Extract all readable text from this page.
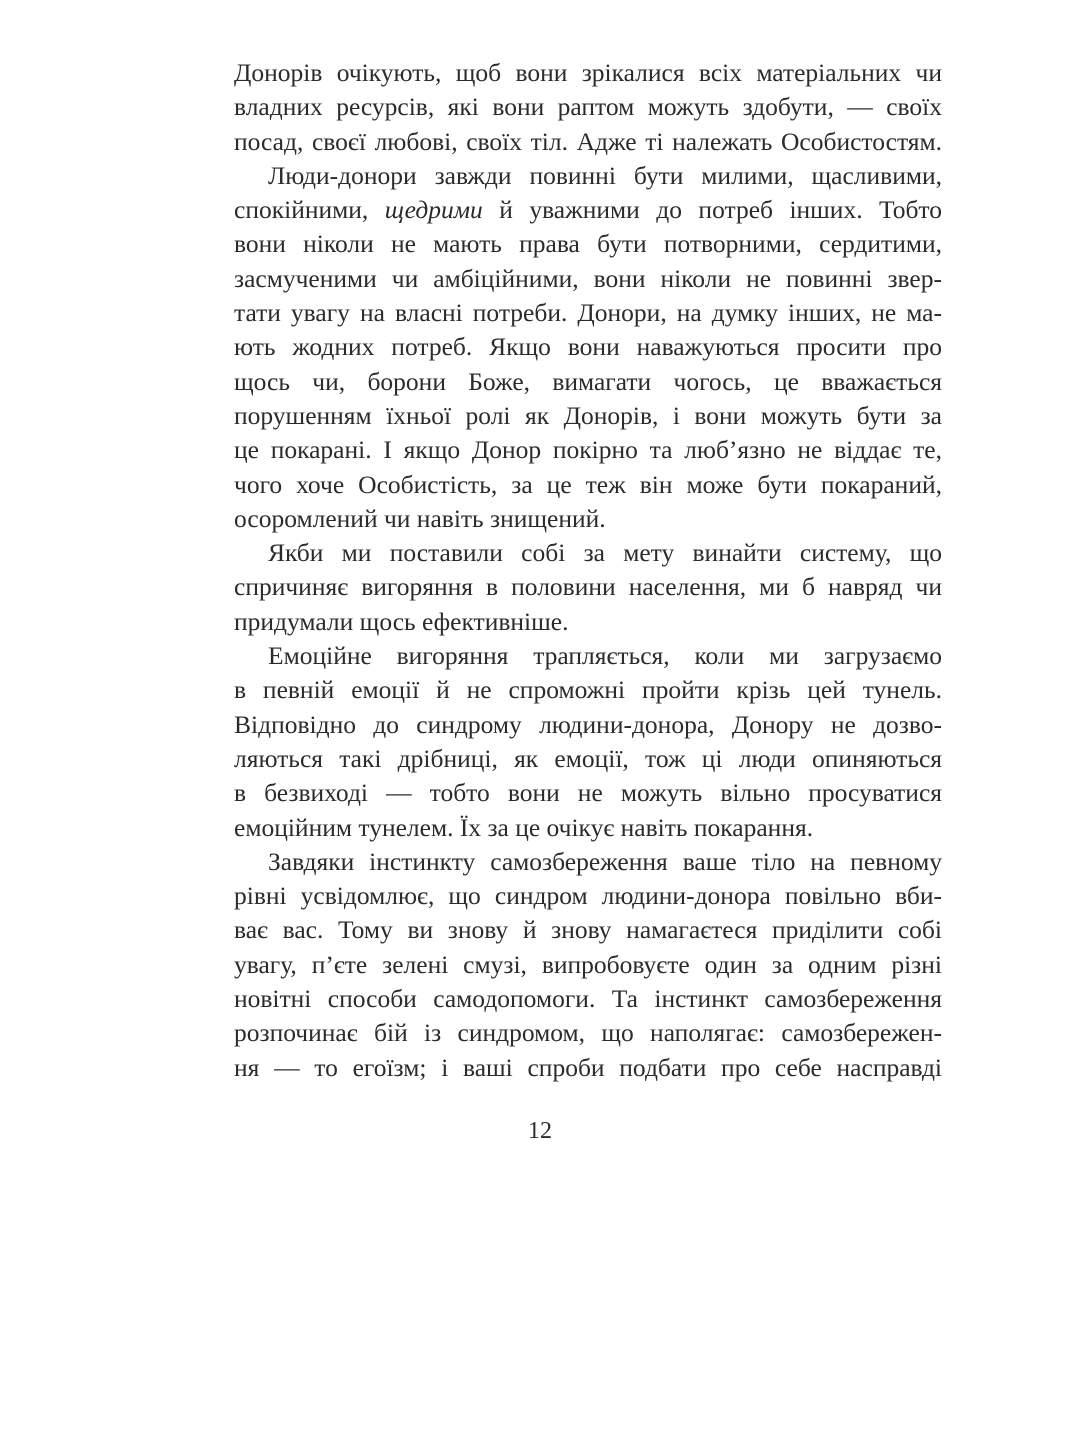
Донорів очікують, щоб вони зрікалися всіх матеріальних чи
владних ресурсів, які вони раптом можуть здобути, — своїх
посад, своєї любові, своїх тіл. Адже ті належать Особистостям.

Люди-донори завжди повинні бути милими, щасливими,
спокійними, щедрими й уважними до потреб інших. Тобто
вони ніколи не мають права бути потворними, сердитими,
засмученими чи амбіційними, вони ніколи не повинні звер-
тати увагу на власні потреби. Донори, на думку інших, не ма-
ють жодних потреб. Якщо вони наважуються просити про
щось чи, борони Боже, вимагати чогось, це вважається
порушенням їхньої ролі як Донорів, і вони можуть бути за
це покарані. І якщо Донор покірно та люб’язно не віддає те,
чого хоче Особистість, за це теж він може бути покараний,
осоромлений чи навіть знищений.

Якби ми поставили собі за мету винайти систему, що
спричиняє вигоряння в половини населення, ми б навряд чи
придумали щось ефективніше.

Емоційне вигоряння трапляється, коли ми загрузаємо
в певній емоції й не спроможні пройти крізь цей тунель.
Відповідно до синдрому людини-донора, Донору не дозво-
ляються такі дрібниці, як емоції, тож ці люди опиняються
в безвиході — тобто вони не можуть вільно просуватися
емоційним тунелем. Їх за це очікує навіть покарання.

Завдяки інстинкту самозбереження ваше тіло на певному
рівні усвідомлює, що синдром людини-донора повільно вби-
ває вас. Тому ви знову й знову намагаєтеся приділити собі
увагу, п’єте зелені смузі, випробовуєте один за одним різні
новітні способи самодопомоги. Та інстинкт самозбереження
розпочинає бій із синдромом, що наполягає: самозбережен-
ня — то егоїзм; і ваші спроби подбати про себе насправді

12
